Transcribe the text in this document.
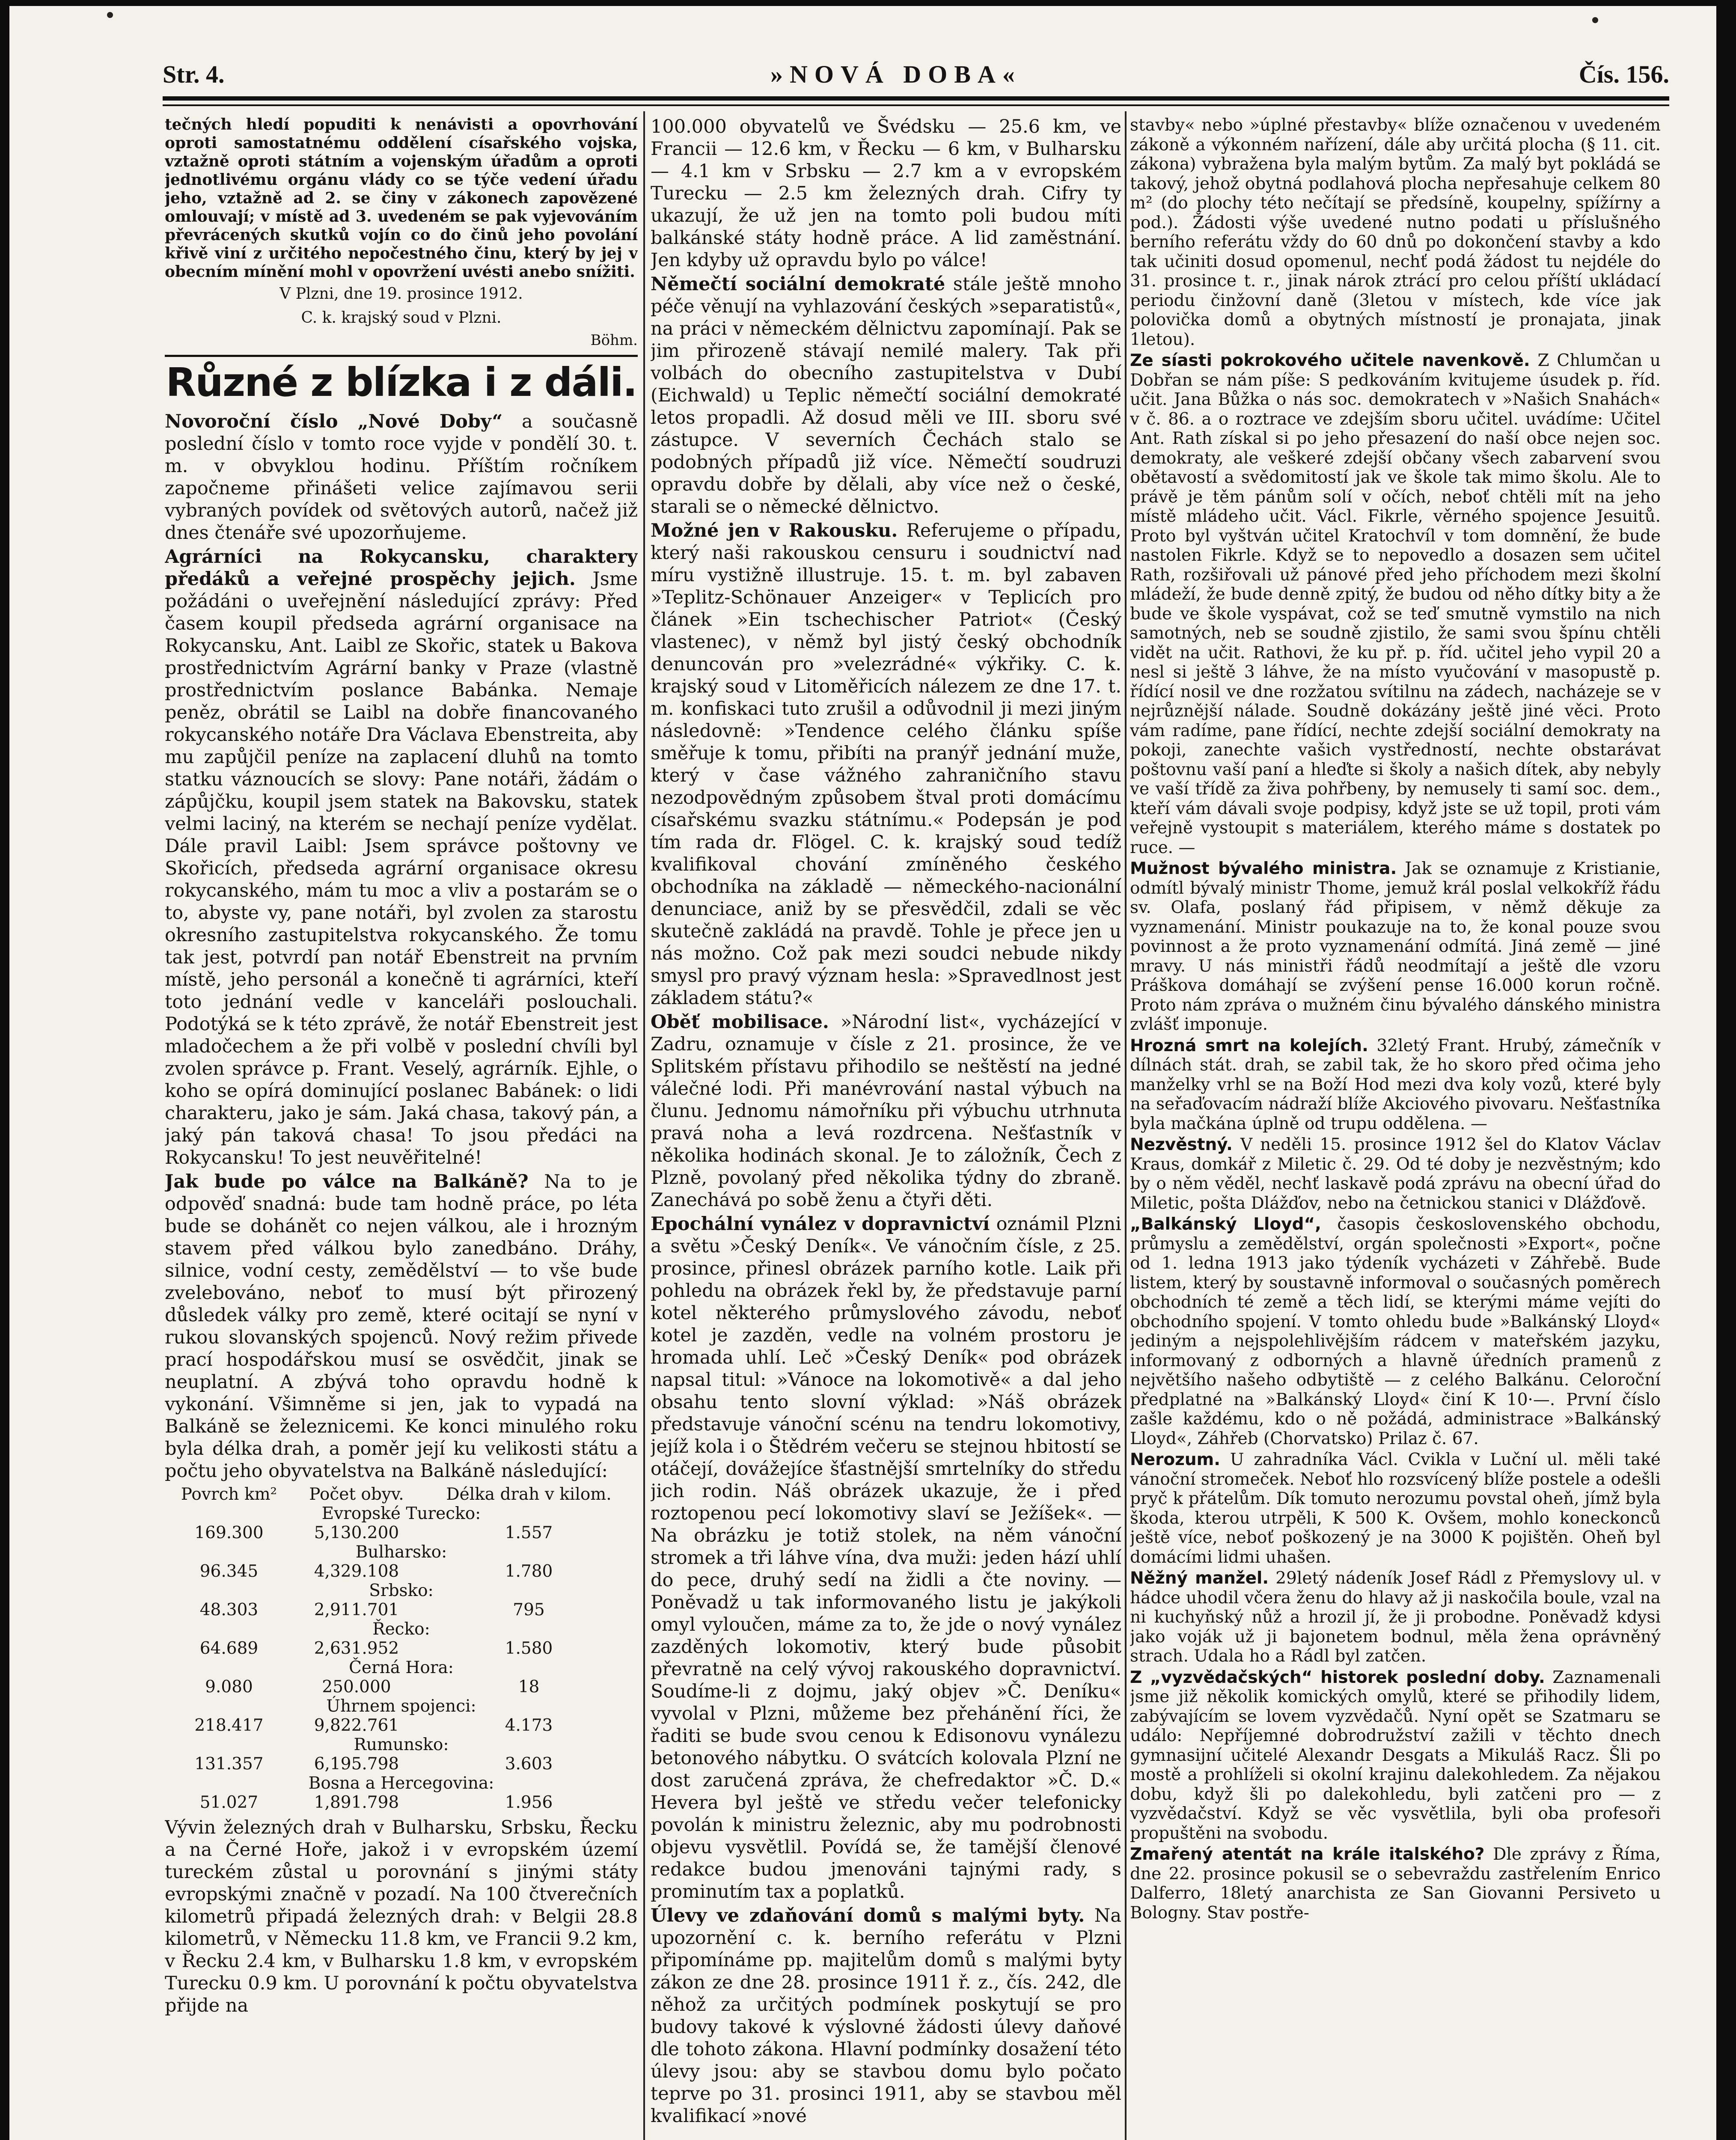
Str. 4.	»NOVÁ DOBA«	Čís. 156.

tečných hledí popuditi k nenávisti a opovrhování oproti samostatnému oddělení císařského vojska, vztažně oproti státním a vojenským úřadům a oproti jednotlivému orgánu vlády co se týče vedení úřadu jeho, vztažně ad 2. se činy v zákonech zapovězené omlouvají; v místě ad 3. uvedeném se pak vyjevováním převrácených skutků vojín co do činů jeho povolání křivě viní z určitého nepočestného činu, který by jej v obecním mínění mohl v opovržení uvésti anebo snížiti.

V Plzni, dne 19. prosince 1912.

C. k. krajský soud v Plzni.

Böhm.

Různé z blízka i z dáli.

Novoroční číslo „Nové Doby“ a současně poslední číslo v tomto roce vyjde v pondělí 30. t. m. v obvyklou hodinu. Příštím ročníkem započneme přinášeti velice zajímavou serii vybraných povídek od světových autorů, načež již dnes čtenáře své upozorňujeme.

Agrárníci na Rokycansku, charaktery předáků a veřejné prospěchy jejich. Jsme požádáni o uveřejnění následující zprávy: Před časem koupil předseda agrární organisace na Rokycansku, Ant. Laibl ze Skořic, statek u Bakova prostřednictvím Agrární banky v Praze (vlastně prostřednictvím poslance Babánka. Nemaje peněz, obrátil se Laibl na dobře financovaného rokycanského notáře Dra Václava Ebenstreita, aby mu zapůjčil peníze na zaplacení dluhů na tomto statku váznoucích se slovy: Pane notáři, žádám o zápůjčku, koupil jsem statek na Bakovsku, statek velmi laciný, na kterém se nechají peníze vydělat. Dále pravil Laibl: Jsem správce poštovny ve Skořicích, předseda agrární organisace okresu rokycanského, mám tu moc a vliv a postarám se o to, abyste vy, pane notáři, byl zvolen za starostu okresního zastupitelstva rokycanského. Že tomu tak jest, potvrdí pan notář Ebenstreit na prvním místě, jeho personál a konečně ti agrárníci, kteří toto jednání vedle v kanceláři poslouchali. Podotýká se k této zprávě, že notář Ebenstreit jest mladočechem a že při volbě v poslední chvíli byl zvolen správce p. Frant. Veselý, agrárník. Ejhle, o koho se opírá dominující poslanec Babánek: o lidi charakteru, jako je sám. Jaká chasa, takový pán, a jaký pán taková chasa! To jsou předáci na Rokycansku! To jest neuvěřitelné!

Jak bude po válce na Balkáně? Na to je odpověď snadná: bude tam hodně práce, po léta bude se dohánět co nejen válkou, ale i hrozným stavem před válkou bylo zanedbáno. Dráhy, silnice, vodní cesty, zemědělství — to vše bude zvelebováno, neboť to musí být přirozený důsledek války pro země, které ocitají se nyní v rukou slovanských spojenců. Nový režim přivede prací hospodářskou musí se osvědčit, jinak se neuplatní. A zbývá toho opravdu hodně k vykonání. Všimněme si jen, jak to vypadá na Balkáně se železnicemi. Ke konci minulého roku byla délka drah, a poměr její ku velikosti státu a počtu jeho obyvatelstva na Balkáně následující:

Povrch km²	Počet obyv.	Délka drah v kilom.
Evropské Turecko:		
169.300	5,130.200	1.557
Bulharsko:		
96.345	4,329.108	1.780
Srbsko:		
48.303	2,911.701	795
Řecko:		
64.689	2,631.952	1.580
Černá Hora:		
9.080	250.000	18
Úhrnem spojenci:		
218.417	9,822.761	4.173
Rumunsko:		
131.357	6,195.798	3.603
Bosna a Hercegovina:		
51.027	1,891.798	1.956

Vývin železných drah v Bulharsku, Srbsku, Řecku a na Černé Hoře, jakož i v evropském území tureckém zůstal u porovnání s jinými státy evropskými značně v pozadí. Na 100 čtverečních kilometrů připadá železných drah: v Belgii 28.8 kilometrů, v Německu 11.8 km, ve Francii 9.2 km, v Řecku 2.4 km, v Bulharsku 1.8 km, v evropském Turecku 0.9 km. U porovnání k počtu obyvatelstva přijde na

100.000 obyvatelů ve Švédsku — 25.6 km, ve Francii — 12.6 km, v Řecku — 6 km, v Bulharsku — 4.1 km v Srbsku — 2.7 km a v evropském Turecku — 2.5 km železných drah. Cifry ty ukazují, že už jen na tomto poli budou míti balkánské státy hodně práce. A lid zaměstnání. Jen kdyby už opravdu bylo po válce!

Němečtí sociální demokraté stále ještě mnoho péče věnují na vyhlazování českých »separatistů«, na práci v německém dělnictvu zapomínají. Pak se jim přirozeně stávají nemilé malery. Tak při volbách do obecního zastupitelstva v Dubí (Eichwald) u Teplic němečtí sociální demokraté letos propadli. Až dosud měli ve III. sboru své zástupce. V severních Čechách stalo se podobných případů již více. Němečtí soudruzi opravdu dobře by dělali, aby více než o české, starali se o německé dělnictvo.

Možné jen v Rakousku. Referujeme o případu, který naši rakouskou censuru i soudnictví nad míru vystižně illustruje. 15. t. m. byl zabaven »Teplitz-Schönauer Anzeiger« v Teplicích pro článek »Ein tschechischer Patriot« (Český vlastenec), v němž byl jistý český obchodník denuncován pro »velezrádné« výkřiky. C. k. krajský soud v Litoměřicích nálezem ze dne 17. t. m. konfiskaci tuto zrušil a odůvodnil ji mezi jiným následovně: »Tendence celého článku spíše směřuje k tomu, přibíti na pranýř jednání muže, který v čase vážného zahraničního stavu nezodpovědným způsobem štval proti domácímu císařskému svazku státnímu.« Podepsán je pod tím rada dr. Flögel. C. k. krajský soud tedíž kvalifikoval chování zmíněného českého obchodníka na základě — německého-nacionální denunciace, aniž by se přesvědčil, zdali se věc skutečně zakládá na pravdě. Tohle je přece jen u nás možno. Což pak mezi soudci nebude nikdy smysl pro pravý význam hesla: »Spravedlnost jest základem státu?«

Oběť mobilisace. »Národní list«, vycházející v Zadru, oznamuje v čísle z 21. prosince, že ve Splitském přístavu přihodilo se neštěstí na jedné válečné lodi. Při manévrování nastal výbuch na člunu. Jednomu námořníku při výbuchu utrhnuta pravá noha a levá rozdrcena. Nešťastník v několika hodinách skonal. Je to záložník, Čech z Plzně, povolaný před několika týdny do zbraně. Zanechává po sobě ženu a čtyři děti.

Epochální vynález v dopravnictví oznámil Plzni a světu »Český Deník«. Ve vánočním čísle, z 25. prosince, přinesl obrázek parního kotle. Laik při pohledu na obrázek řekl by, že představuje parní kotel některého průmyslového závodu, neboť kotel je zazděn, vedle na volném prostoru je hromada uhlí. Leč »Český Deník« pod obrázek napsal titul: »Vánoce na lokomotivě« a dal jeho obsahu tento slovní výklad: »Náš obrázek představuje vánoční scénu na tendru lokomotivy, jejíž kola i o Štědrém večeru se stejnou hbitostí se otáčejí, dovážejíce šťastnější smrtelníky do středu jich rodin. Náš obrázek ukazuje, že i před roztopenou pecí lokomotivy slaví se Ježíšek«. — Na obrázku je totiž stolek, na něm vánoční stromek a tři láhve vína, dva muži: jeden hází uhlí do pece, druhý sedí na židli a čte noviny. — Poněvadž u tak informovaného listu je jakýkoli omyl vyloučen, máme za to, že jde o nový vynález zazděných lokomotiv, který bude působit převratně na celý vývoj rakouského dopravnictví. Soudíme-li z dojmu, jaký objev »Č. Deníku« vyvolal v Plzni, můžeme bez přehánění říci, že řaditi se bude svou cenou k Edisonovu vynálezu betonového nábytku. O svátcích kolovala Plzní ne dost zaručená zpráva, že chefredaktor »Č. D.« Hevera byl ještě ve středu večer telefonicky povolán k ministru železnic, aby mu podrobnosti objevu vysvětlil. Povídá se, že tamější členové redakce budou jmenováni tajnými rady, s prominutím tax a poplatků.

Úlevy ve zdaňování domů s malými byty. Na upozornění c. k. berního referátu v Plzni připomínáme pp. majitelům domů s malými byty zákon ze dne 28. prosince 1911 ř. z., čís. 242, dle něhož za určitých podmínek poskytují se pro budovy takové k výslovné žádosti úlevy daňové dle tohoto zákona. Hlavní podmínky dosažení této úlevy jsou: aby se stavbou domu bylo počato teprve po 31. prosinci 1911, aby se stavbou měl kvalifikací »nové

stavby« nebo »úplné přestavby« blíže označenou v uvedeném zákoně a výkonném nařízení, dále aby určitá plocha (§ 11. cit. zákona) vybražena byla malým bytům. Za malý byt pokládá se takový, jehož obytná podlahová plocha nepřesahuje celkem 80 m² (do plochy této nečítají se předsíně, koupelny, spížírny a pod.). Žádosti výše uvedené nutno podati u příslušného berního referátu vždy do 60 dnů po dokončení stavby a kdo tak učiniti dosud opomenul, nechť podá žádost tu nejdéle do 31. prosince t. r., jinak nárok ztrácí pro celou příští ukládací periodu činžovní daně (3letou v místech, kde více jak polovička domů a obytných místností je pronajata, jinak 1letou).

Ze síasti pokrokového učitele navenkově. Z Chlumčan u Dobřan se nám píše: S pedkováním kvitujeme úsudek p. říd. učit. Jana Bůžka o nás soc. demokratech v »Našich Snahách« v č. 86. a o roztrace ve zdejším sboru učitel. uvádíme: Učitel Ant. Rath získal si po jeho přesazení do naší obce nejen soc. demokraty, ale veškeré zdejší občany všech zabarvení svou obětavostí a svědomitostí jak ve škole tak mimo školu. Ale to právě je těm pánům solí v očích, neboť chtěli mít na jeho místě mládeho učit. Václ. Fikrle, věrného spojence Jesuitů. Proto byl vyštván učitel Kratochvíl v tom domnění, že bude nastolen Fikrle. Když se to nepovedlo a dosazen sem učitel Rath, rozšiřovali už pánové před jeho příchodem mezi školní mládeží, že bude denně zpitý, že budou od něho dítky bity a že bude ve škole vyspávat, což se teď smutně vymstilo na nich samotných, neb se soudně zjistilo, že sami svou špínu chtěli vidět na učit. Rathovi, že ku př. p. říd. učitel jeho vypil 20 a nesl si ještě 3 láhve, že na místo vyučování v masopustě p. řídící nosil ve dne rozžatou svítilnu na zádech, nacházeje se v nejrůznější nálade. Soudně dokázány ještě jiné věci. Proto vám radíme, pane řídící, nechte zdejší sociální demokraty na pokoji, zanechte vašich vystředností, nechte obstarávat poštovnu vaší paní a hleďte si školy a našich dítek, aby nebyly ve vaší třídě za živa pohřbeny, by nemusely ti samí soc. dem., kteří vám dávali svoje podpisy, když jste se už topil, proti vám veřejně vystoupit s materiálem, kterého máme s dostatek po ruce. —

Mužnost bývalého ministra. Jak se oznamuje z Kristianie, odmítl bývalý ministr Thome, jemuž král poslal velkokříž řádu sv. Olafa, poslaný řád připisem, v němž děkuje za vyznamenání. Ministr poukazuje na to, že konal pouze svou povinnost a že proto vyznamenání odmítá. Jiná země — jiné mravy. U nás ministři řádů neodmítají a ještě dle vzoru Práškova domáhají se zvýšení pense 16.000 korun ročně. Proto nám zpráva o mužném činu bývalého dánského ministra zvlášť imponuje.

Hrozná smrt na kolejích. 32letý Frant. Hrubý, zámečník v dílnách stát. drah, se zabil tak, že ho skoro před očima jeho manželky vrhl se na Boží Hod mezi dva koly vozů, které byly na seřaďovacím nádraží blíže Akciového pivovaru. Nešťastníka byla mačkána úplně od trupu oddělena. —

Nezvěstný. V neděli 15. prosince 1912 šel do Klatov Václav Kraus, domkář z Miletic č. 29. Od té doby je nezvěstným; kdo by o něm věděl, nechť laskavě podá zprávu na obecní úřad do Miletic, pošta Dlážďov, nebo na četnickou stanici v Dlážďově.

„Balkánský Lloyd“, časopis československého obchodu, průmyslu a zemědělství, orgán společnosti »Export«, počne od 1. ledna 1913 jako týdeník vycházeti v Záhřebě. Bude listem, který by soustavně informoval o současných poměrech obchodních té země a těch lidí, se kterými máme vejíti do obchodního spojení. V tomto ohledu bude »Balkánský Lloyd« jediným a nejspolehlivějším rádcem v mateřském jazyku, informovaný z odborných a hlavně úředních pramenů z největšího našeho odbytiště — z celého Balkánu. Celoroční předplatné na »Balkánský Lloyd« činí K 10·—. První číslo zašle každému, kdo o ně požádá, administrace »Balkánský Lloyd«, Záhřeb (Chorvatsko) Prilaz č. 67.

Nerozum. U zahradníka Václ. Cvikla v Luční ul. měli také vánoční stromeček. Neboť hlo rozsvícený blíže postele a odešli pryč k přátelům. Dík tomuto nerozumu povstal oheň, jímž byla škoda, kterou utrpěli, K 500 K. Ovšem, mohlo koneckonců ještě více, neboť poškozený je na 3000 K pojištěn. Oheň byl domácími lidmi uhašen.

Něžný manžel. 29letý nádeník Josef Rádl z Přemyslovy ul. v hádce uhodil včera ženu do hlavy až ji naskočila boule, vzal na ni kuchyňský nůž a hrozil jí, že ji probodne. Poněvadž kdysi jako voják už ji bajonetem bodnul, měla žena oprávněný strach. Udala ho a Rádl byl zatčen.

Z „vyzvědačských“ historek poslední doby. Zaznamenali jsme již několik komických omylů, které se přihodily lidem, zabývajícím se lovem vyzvědačů. Nyní opět se Szatmaru se událo: Nepříjemné dobrodružství zažili v těchto dnech gymnasijní učitelé Alexandr Desgats a Mikuláš Racz. Šli po mostě a prohlíželi si okolní krajinu dalekohledem. Za nějakou dobu, když šli po dalekohledu, byli zatčeni pro — z vyzvědačství. Když se věc vysvětlila, byli oba profesoři propuštěni na svobodu.

Zmařený atentát na krále italského? Dle zprávy z Říma, dne 22. prosince pokusil se o sebevraždu zastřelením Enrico Dalferro, 18letý anarchista ze San Giovanni Persiveto u Bologny. Stav postře-
